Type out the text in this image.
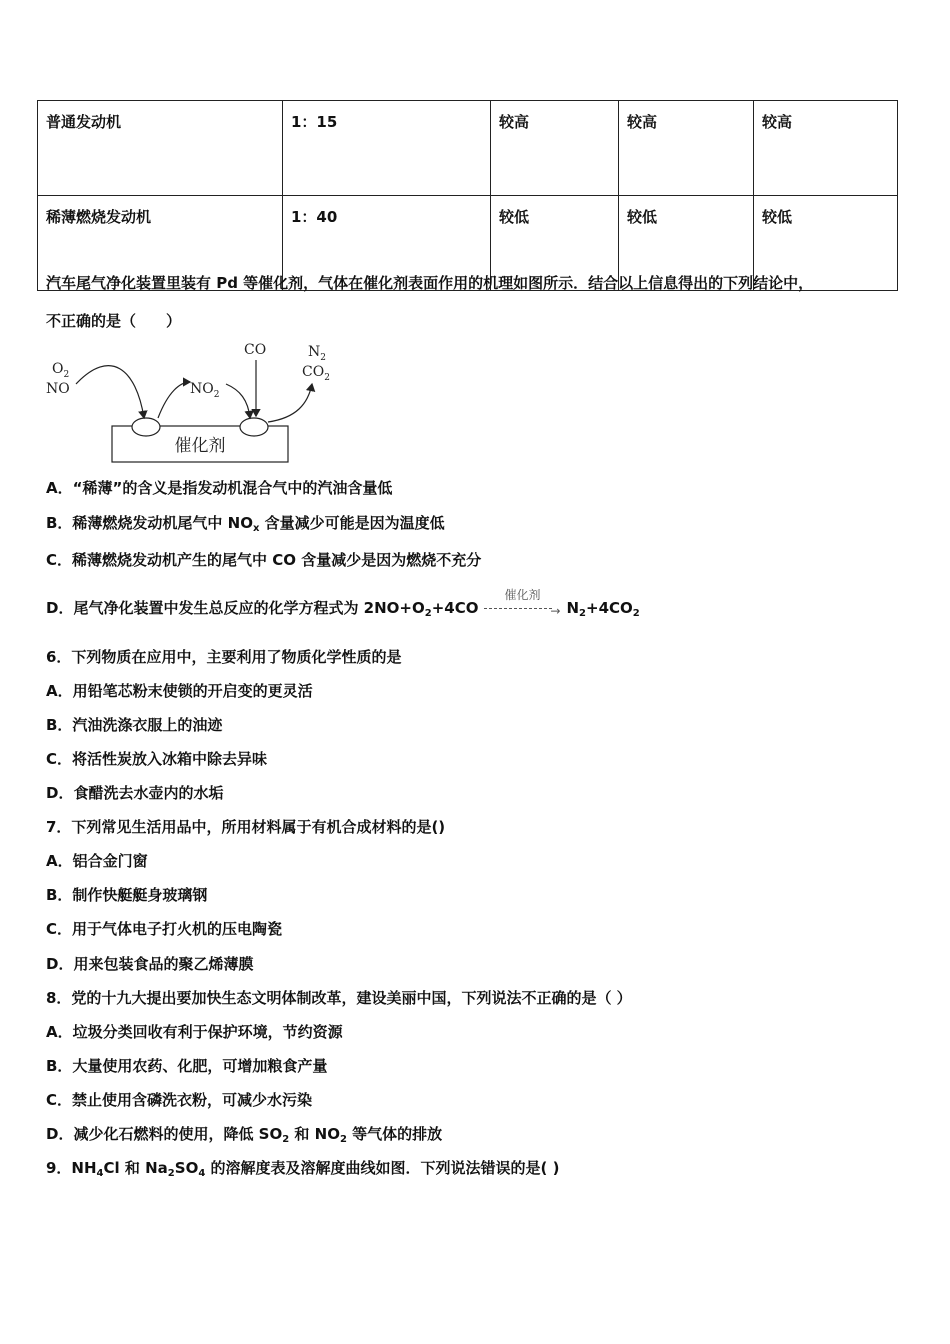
普通发动机	1：15	较高	较高	较高
稀薄燃烧发动机	1：40	较低	较低	较低
汽车尾气净化装置里装有 Pd 等催化剂，气体在催化剂表面作用的机理如图所示．结合以上信息得出的下列结论中，
不正确的是（　　）
催化剂
$O_2$
NO	$NO_2$
CO	$N_2$
$CO_2$
A．“稀薄”的含义是指发动机混合气中的汽油含量低
B．稀薄燃烧发动机尾气中 $NO_x$ 含量减少可能是因为温度低
C．稀薄燃烧发动机产生的尾气中 CO 含量减少是因为燃烧不充分
D．尾气净化装置中发生总反应的化学方程式为 $2NO+O_2+4CO$
催化剂
→ $N_2+4CO_2$
6．下列物质在应用中，主要利用了物质化学性质的是
A．用铅笔芯粉末使锁的开启变的更灵活
B．汽油洗涤衣服上的油迹
C．将活性炭放入冰箱中除去异味
D．食醋洗去水壶内的水垢
7．下列常见生活用品中，所用材料属于有机合成材料的是()
A．铝合金门窗
B．制作快艇艇身玻璃钢
C．用于气体电子打火机的压电陶瓷
D．用来包装食品的聚乙烯薄膜
8．党的十九大提出要加快生态文明体制改革，建设美丽中国，下列说法不正确的是（ ）
A．垃圾分类回收有利于保护环境，节约资源
B．大量使用农药、化肥，可增加粮食产量
C．禁止使用含磷洗衣粉，可减少水污染
D．减少化石燃料的使用，降低 $SO_2$ 和 $NO_2$ 等气体的排放
9．$NH_4Cl$ 和 $Na_2SO_4$ 的溶解度表及溶解度曲线如图．下列说法错误的是( )
